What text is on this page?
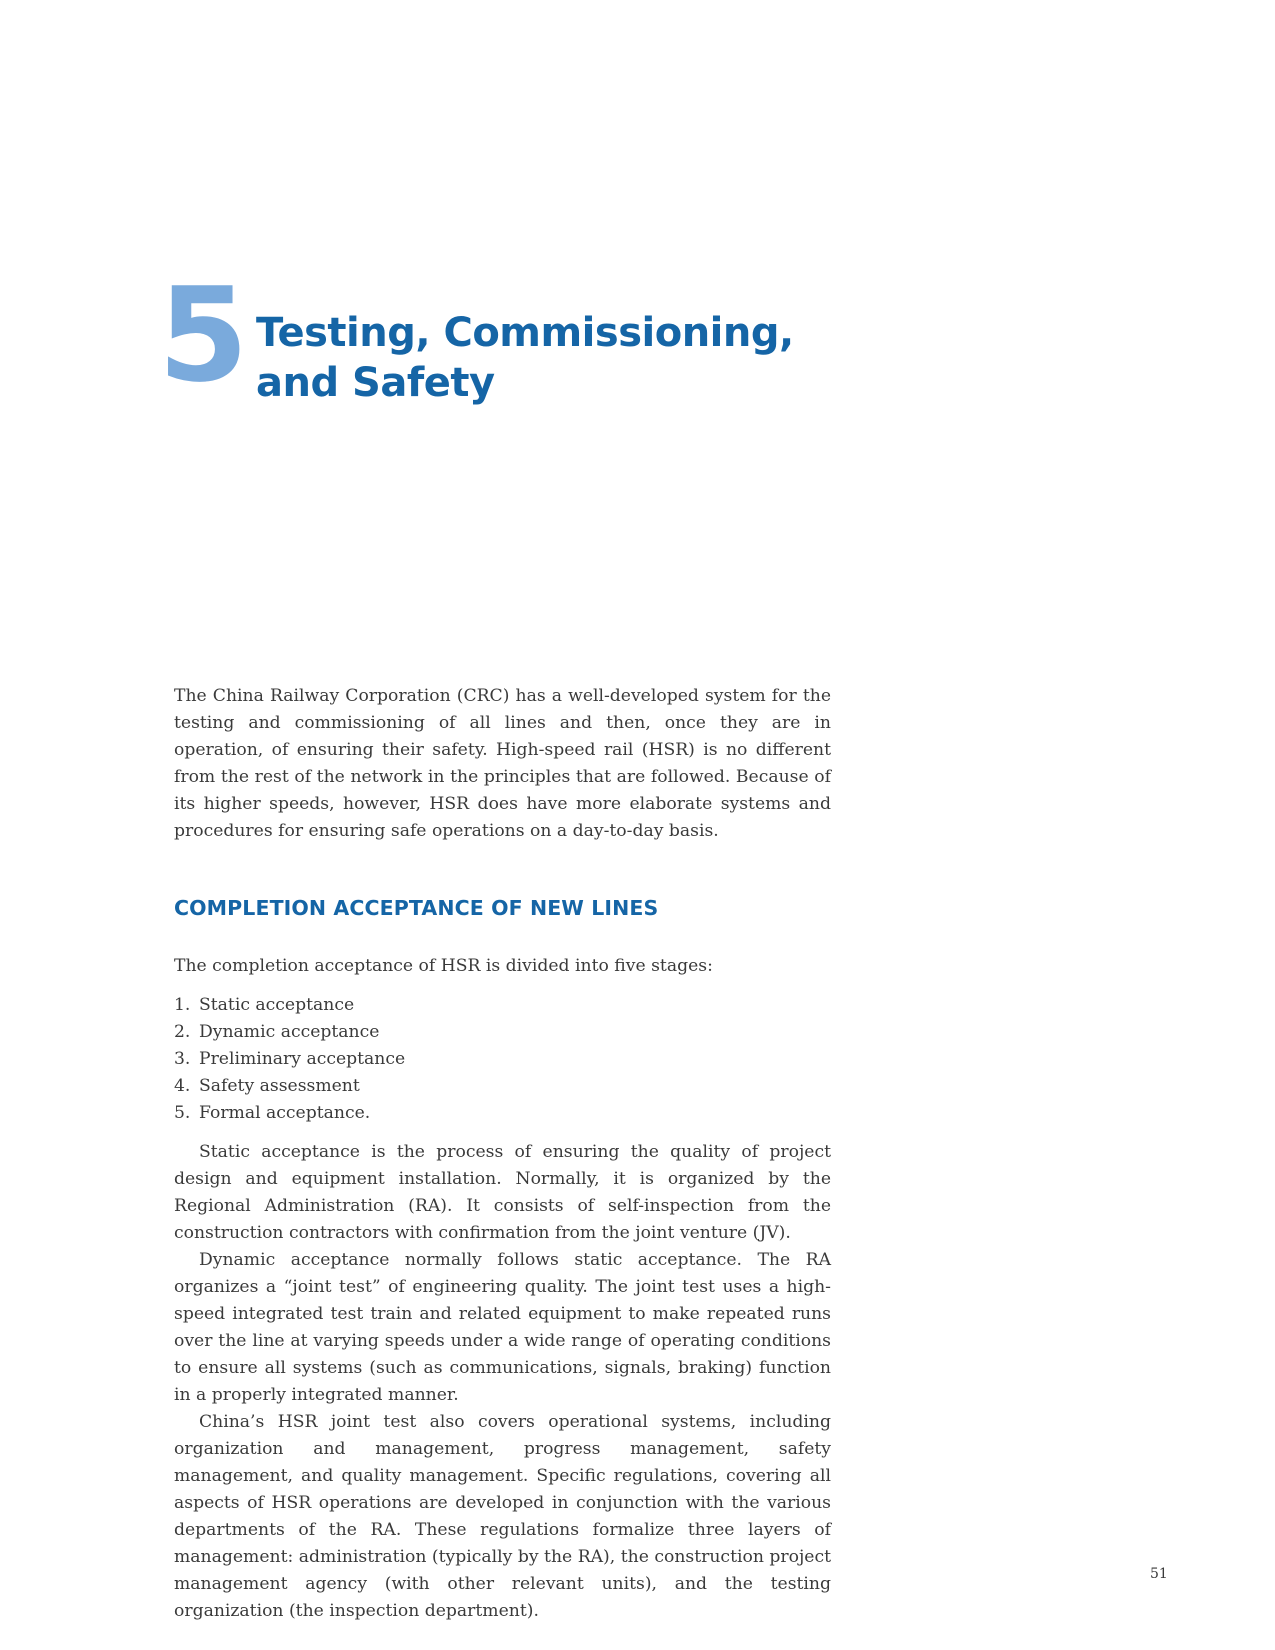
5 Testing, Commissioning,
and Safety

The China Railway Corporation (CRC) has a well-developed system for the testing and commissioning of all lines and then, once they are in operation, of ensuring their safety. High-speed rail (HSR) is no different from the rest of the network in the principles that are followed. Because of its higher speeds, however, HSR does have more elaborate systems and procedures for ensuring safe operations on a day-to-day basis.

COMPLETION ACCEPTANCE OF NEW LINES

The completion acceptance of HSR is divided into five stages:

1. Static acceptance
2. Dynamic acceptance
3. Preliminary acceptance
4. Safety assessment
5. Formal acceptance.

Static acceptance is the process of ensuring the quality of project design and equipment installation. Normally, it is organized by the Regional Administration (RA). It consists of self-inspection from the construction contractors with confirmation from the joint venture (JV).

Dynamic acceptance normally follows static acceptance. The RA organizes a “joint test” of engineering quality. The joint test uses a high-speed integrated test train and related equipment to make repeated runs over the line at varying speeds under a wide range of operating conditions to ensure all systems (such as communications, signals, braking) function in a properly integrated manner.

China’s HSR joint test also covers operational systems, including organization and management, progress management, safety management, and quality management. Specific regulations, covering all aspects of HSR operations are developed in conjunction with the various departments of the RA. These regulations formalize three layers of management: administration (typically by the RA), the construction project management agency (with other relevant units), and the testing organization (the inspection department).

51
